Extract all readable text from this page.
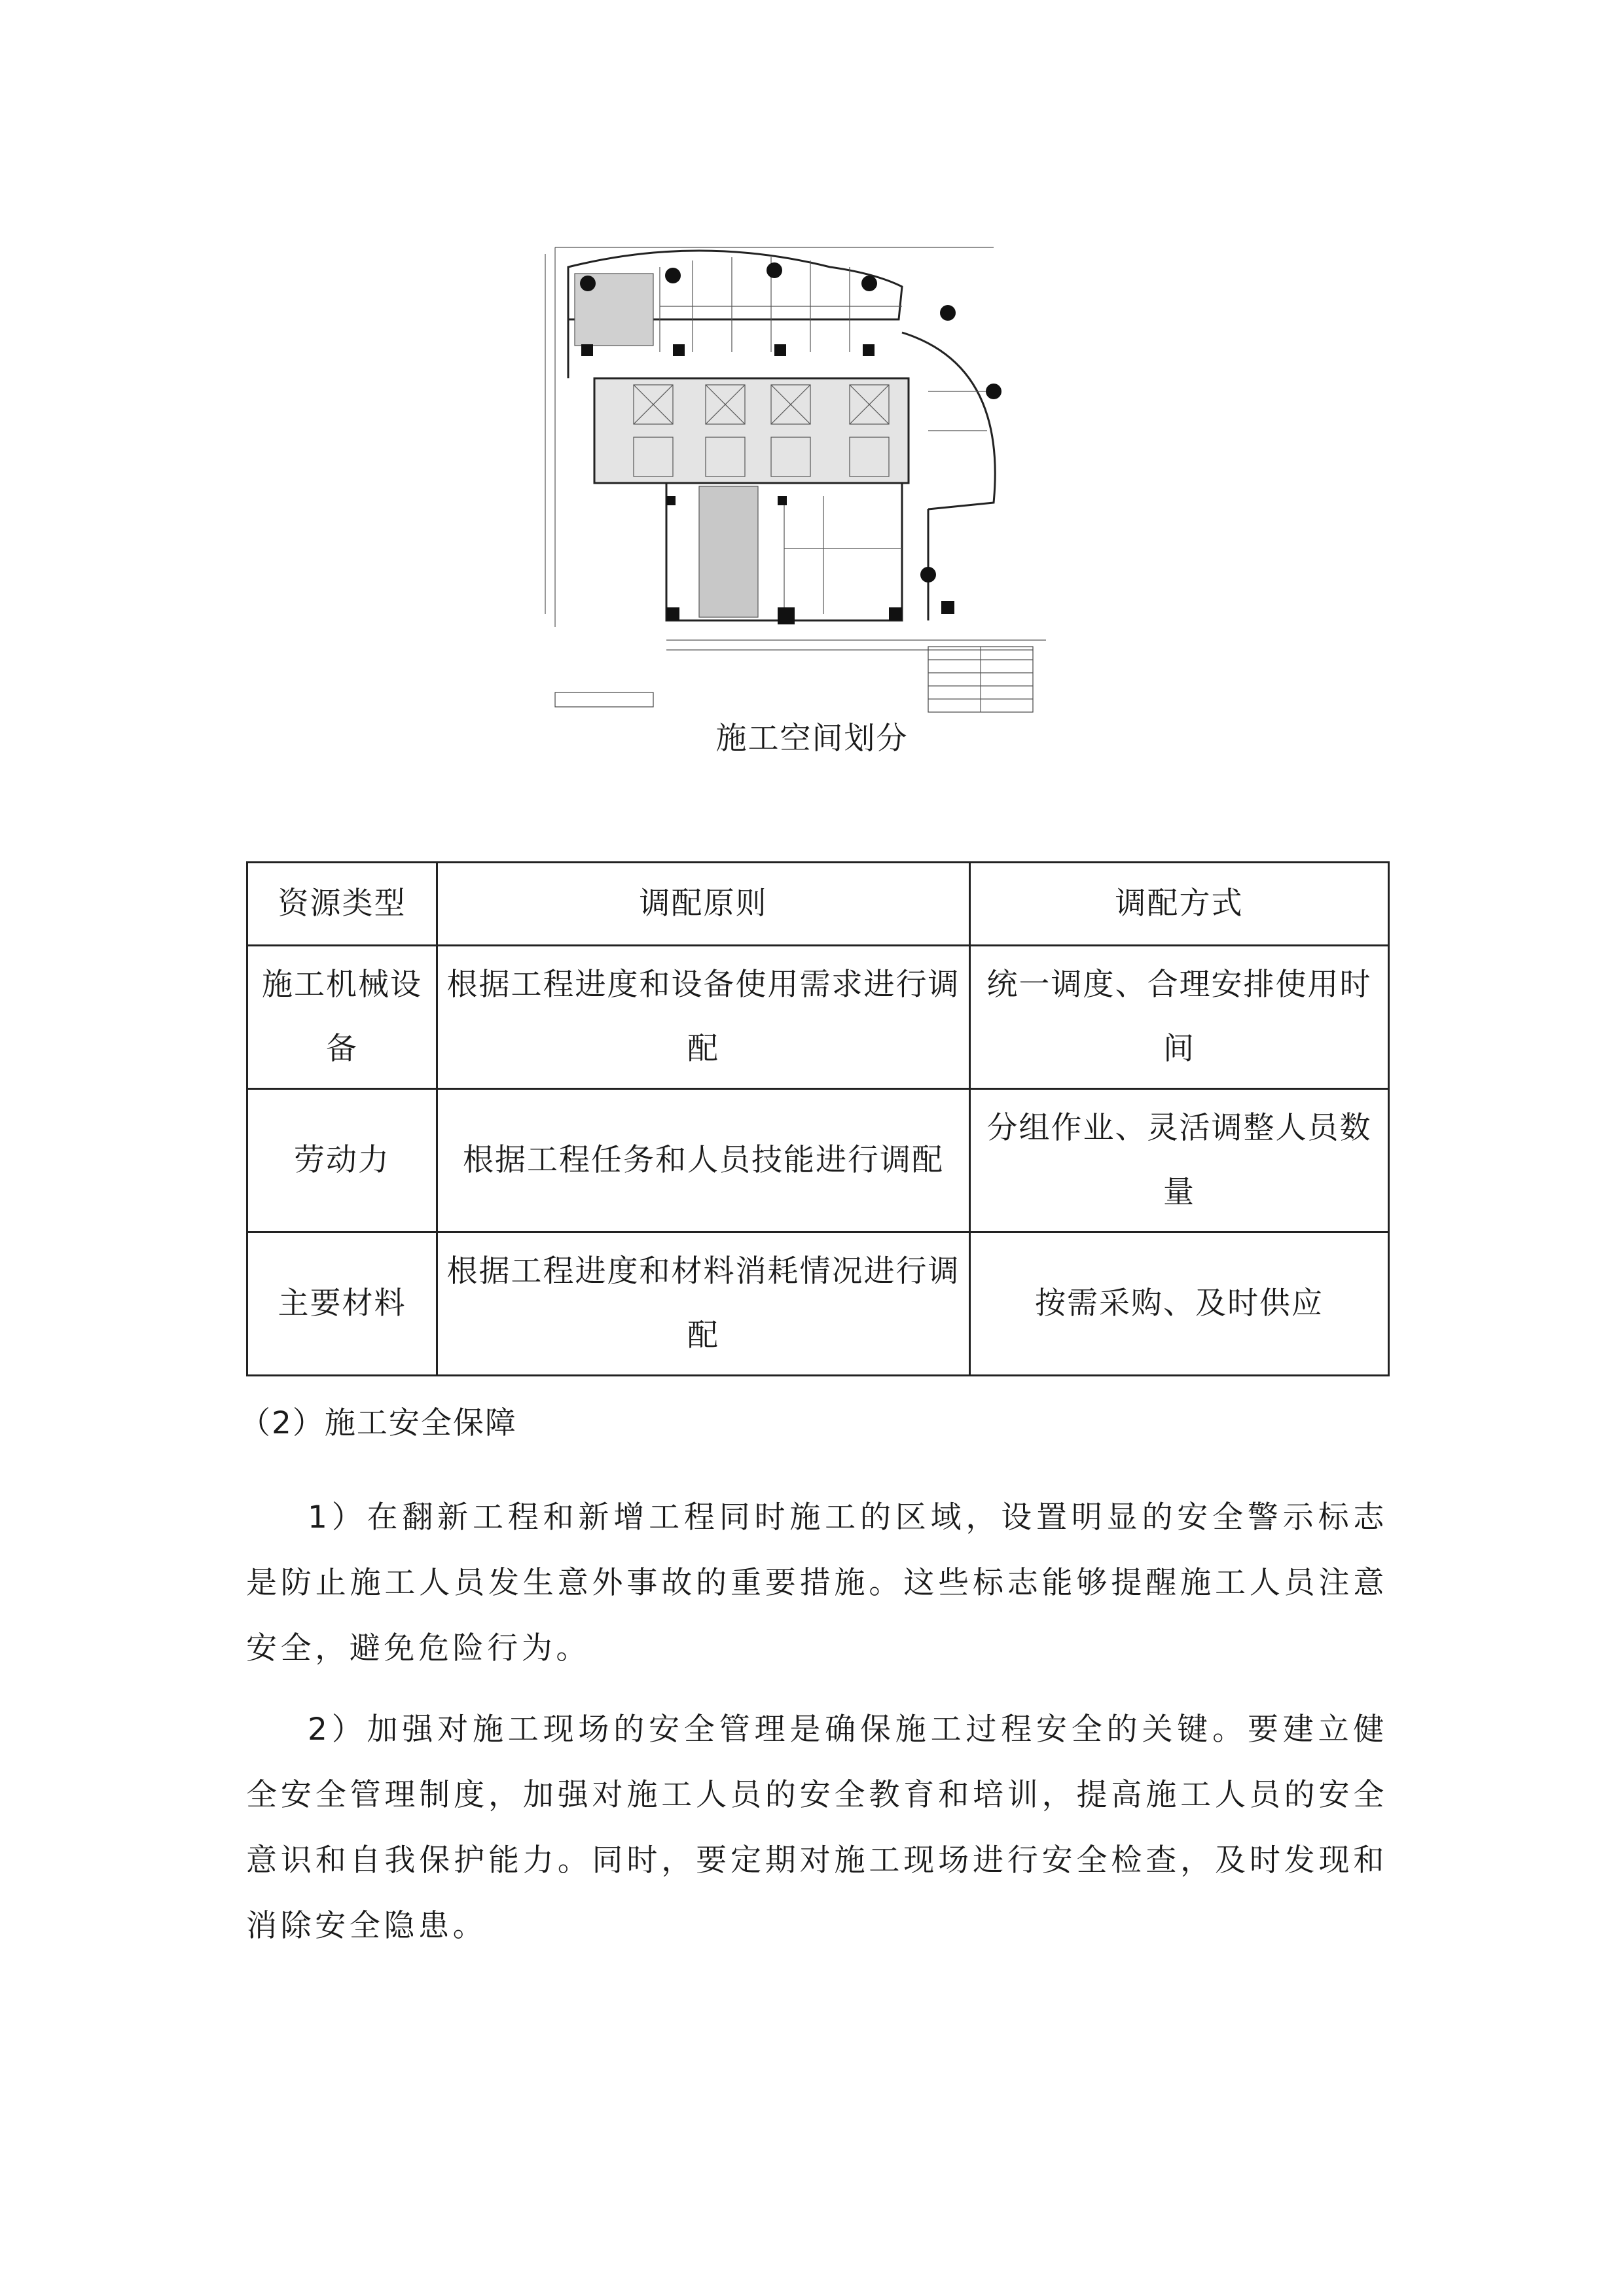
施工空间划分
资源类型	调配原则	调配方式
施工机械设备	根据工程进度和设备使用需求进行调配	统一调度、合理安排使用时间
劳动力	根据工程任务和人员技能进行调配	分组作业、灵活调整人员数量
主要材料	根据工程进度和材料消耗情况进行调配	按需采购、及时供应
（2）施工安全保障

1）在翻新工程和新增工程同时施工的区域，设置明显的安全警示标志是防止施工人员发生意外事故的重要措施。这些标志能够提醒施工人员注意安全，避免危险行为。

2）加强对施工现场的安全管理是确保施工过程安全的关键。要建立健全安全管理制度，加强对施工人员的安全教育和培训，提高施工人员的安全意识和自我保护能力。同时，要定期对施工现场进行安全检查，及时发现和消除安全隐患。
